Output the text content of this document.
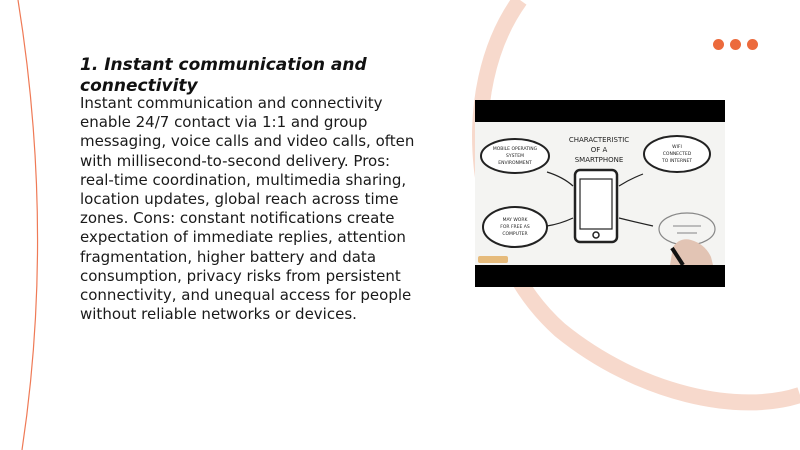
1. Instant communication and connectivity

Instant communication and connectivity enable 24/7 contact via 1:1 and group messaging, voice calls and video calls, often with millisecond-to-second delivery. Pros: real-time coordination, multimedia sharing, location updates, global reach across time zones. Cons: constant notifications create expectation of immediate replies, attention fragmentation, higher battery and data consumption, privacy risks from persistent connectivity, and unequal access for people without reliable networks or devices.

CHARACTERISTIC
OF A
SMARTPHONE
MOBILE OPERATING
SYSTEM
ENVIRONMENT
WIFI
CONNECTED
TO INTERNET
MAY WORK
FOR FREE AS
COMPUTER
